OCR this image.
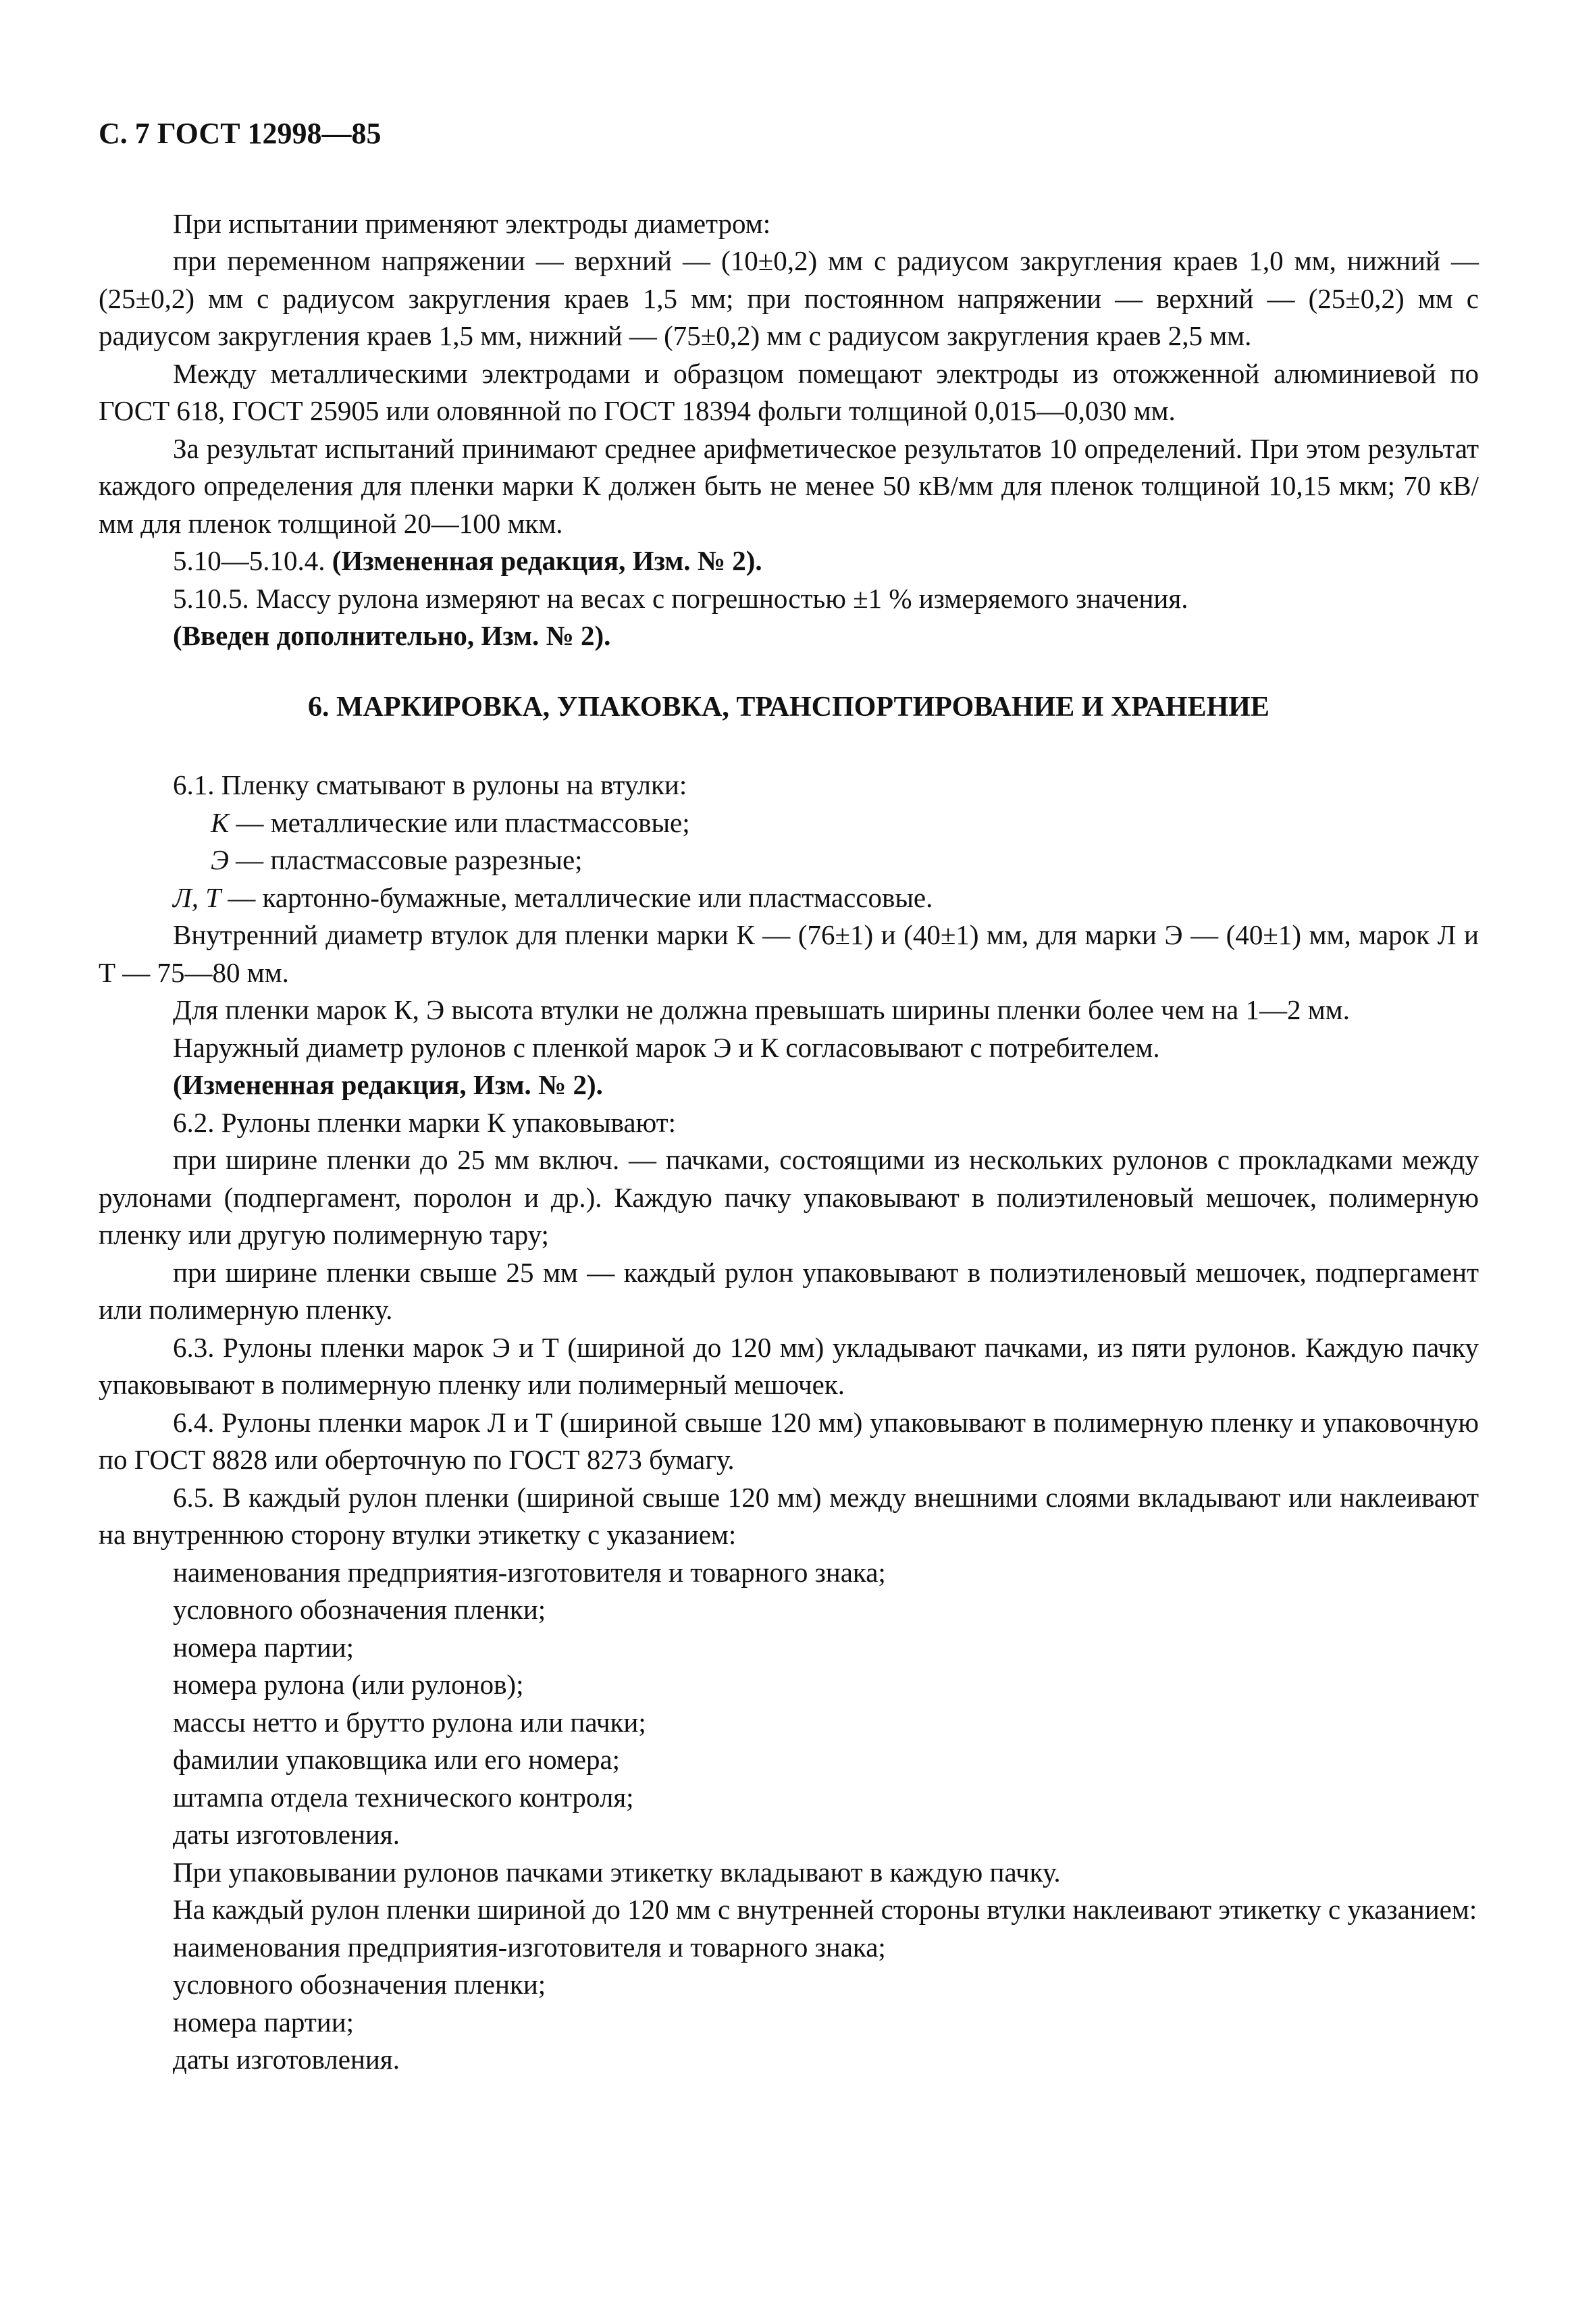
С. 7 ГОСТ 12998—85
При испытании применяют электроды диаметром:
при переменном напряжении — верхний — (10±0,2) мм с радиусом закругления краев 1,0 мм, нижний — (25±0,2) мм с радиусом закругления краев 1,5 мм; при постоянном напряжении — верхний — (25±0,2) мм с радиусом закругления краев 1,5 мм, нижний — (75±0,2) мм с радиусом закругления краев 2,5 мм.
Между металлическими электродами и образцом помещают электроды из отожженной алюминиевой по ГОСТ 618, ГОСТ 25905 или оловянной по ГОСТ 18394 фольги толщиной 0,015—0,030 мм.
За результат испытаний принимают среднее арифметическое результатов 10 определений. При этом результат каждого определения для пленки марки К должен быть не менее 50 кВ/мм для пленок толщиной 10,15 мкм; 70 кВ/мм для пленок толщиной 20—100 мкм.
5.10—5.10.4. (Измененная редакция, Изм. № 2).
5.10.5. Массу рулона измеряют на весах с погрешностью ±1 % измеряемого значения.
(Введен дополнительно, Изм. № 2).
6. МАРКИРОВКА, УПАКОВКА, ТРАНСПОРТИРОВАНИЕ И ХРАНЕНИЕ
6.1. Пленку сматывают в рулоны на втулки:
К — металлические или пластмассовые;
Э — пластмассовые разрезные;
Л, Т — картонно-бумажные, металлические или пластмассовые.
Внутренний диаметр втулок для пленки марки К — (76±1) и (40±1) мм, для марки Э — (40±1) мм, марок Л и Т — 75—80 мм.
Для пленки марок К, Э высота втулки не должна превышать ширины пленки более чем на 1—2 мм.
Наружный диаметр рулонов с пленкой марок Э и К согласовывают с потребителем.
(Измененная редакция, Изм. № 2).
6.2. Рулоны пленки марки К упаковывают:
при ширине пленки до 25 мм включ. — пачками, состоящими из нескольких рулонов с прокладками между рулонами (подпергамент, поролон и др.). Каждую пачку упаковывают в полиэтиленовый мешочек, полимерную пленку или другую полимерную тару;
при ширине пленки свыше 25 мм — каждый рулон упаковывают в полиэтиленовый мешочек, подпергамент или полимерную пленку.
6.3. Рулоны пленки марок Э и Т (шириной до 120 мм) укладывают пачками, из пяти рулонов. Каждую пачку упаковывают в полимерную пленку или полимерный мешочек.
6.4. Рулоны пленки марок Л и Т (шириной свыше 120 мм) упаковывают в полимерную пленку и упаковочную по ГОСТ 8828 или оберточную по ГОСТ 8273 бумагу.
6.5. В каждый рулон пленки (шириной свыше 120 мм) между внешними слоями вкладывают или наклеивают на внутреннюю сторону втулки этикетку с указанием:
наименования предприятия-изготовителя и товарного знака;
условного обозначения пленки;
номера партии;
номера рулона (или рулонов);
массы нетто и брутто рулона или пачки;
фамилии упаковщика или его номера;
штампа отдела технического контроля;
даты изготовления.
При упаковывании рулонов пачками этикетку вкладывают в каждую пачку.
На каждый рулон пленки шириной до 120 мм с внутренней стороны втулки наклеивают этикетку с указанием:
наименования предприятия-изготовителя и товарного знака;
условного обозначения пленки;
номера партии;
даты изготовления.
